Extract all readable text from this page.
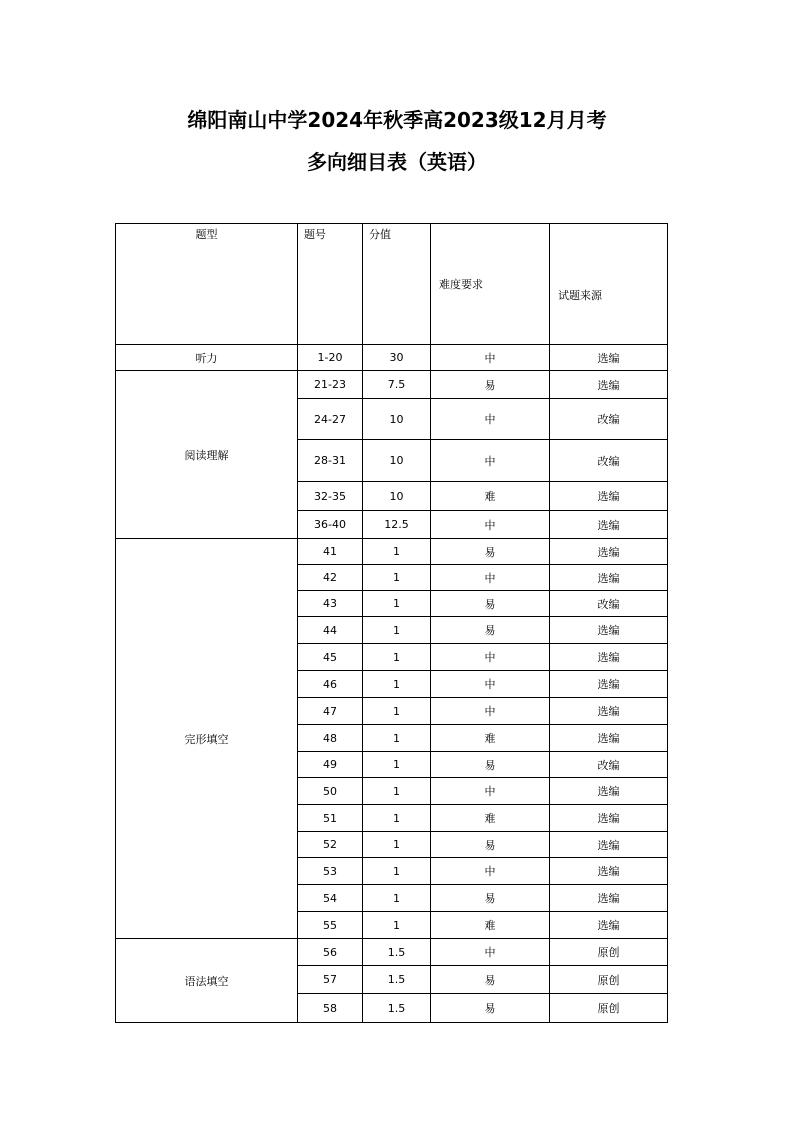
绵阳南山中学2024年秋季高2023级12月月考
多向细目表（英语）
题型	题号	分值	难度要求	试题来源
听力	1-20	30	中	选编
阅读理解	21-23	7.5	易	选编
	24-27	10	中	改编
	28-31	10	中	改编
	32-35	10	难	选编
	36-40	12.5	中	选编
完形填空	41	1	易	选编
	42	1	中	选编
	43	1	易	改编
	44	1	易	选编
	45	1	中	选编
	46	1	中	选编
	47	1	中	选编
	48	1	难	选编
	49	1	易	改编
	50	1	中	选编
	51	1	难	选编
	52	1	易	选编
	53	1	中	选编
	54	1	易	选编
	55	1	难	选编
语法填空	56	1.5	中	原创
	57	1.5	易	原创
	58	1.5	易	原创
